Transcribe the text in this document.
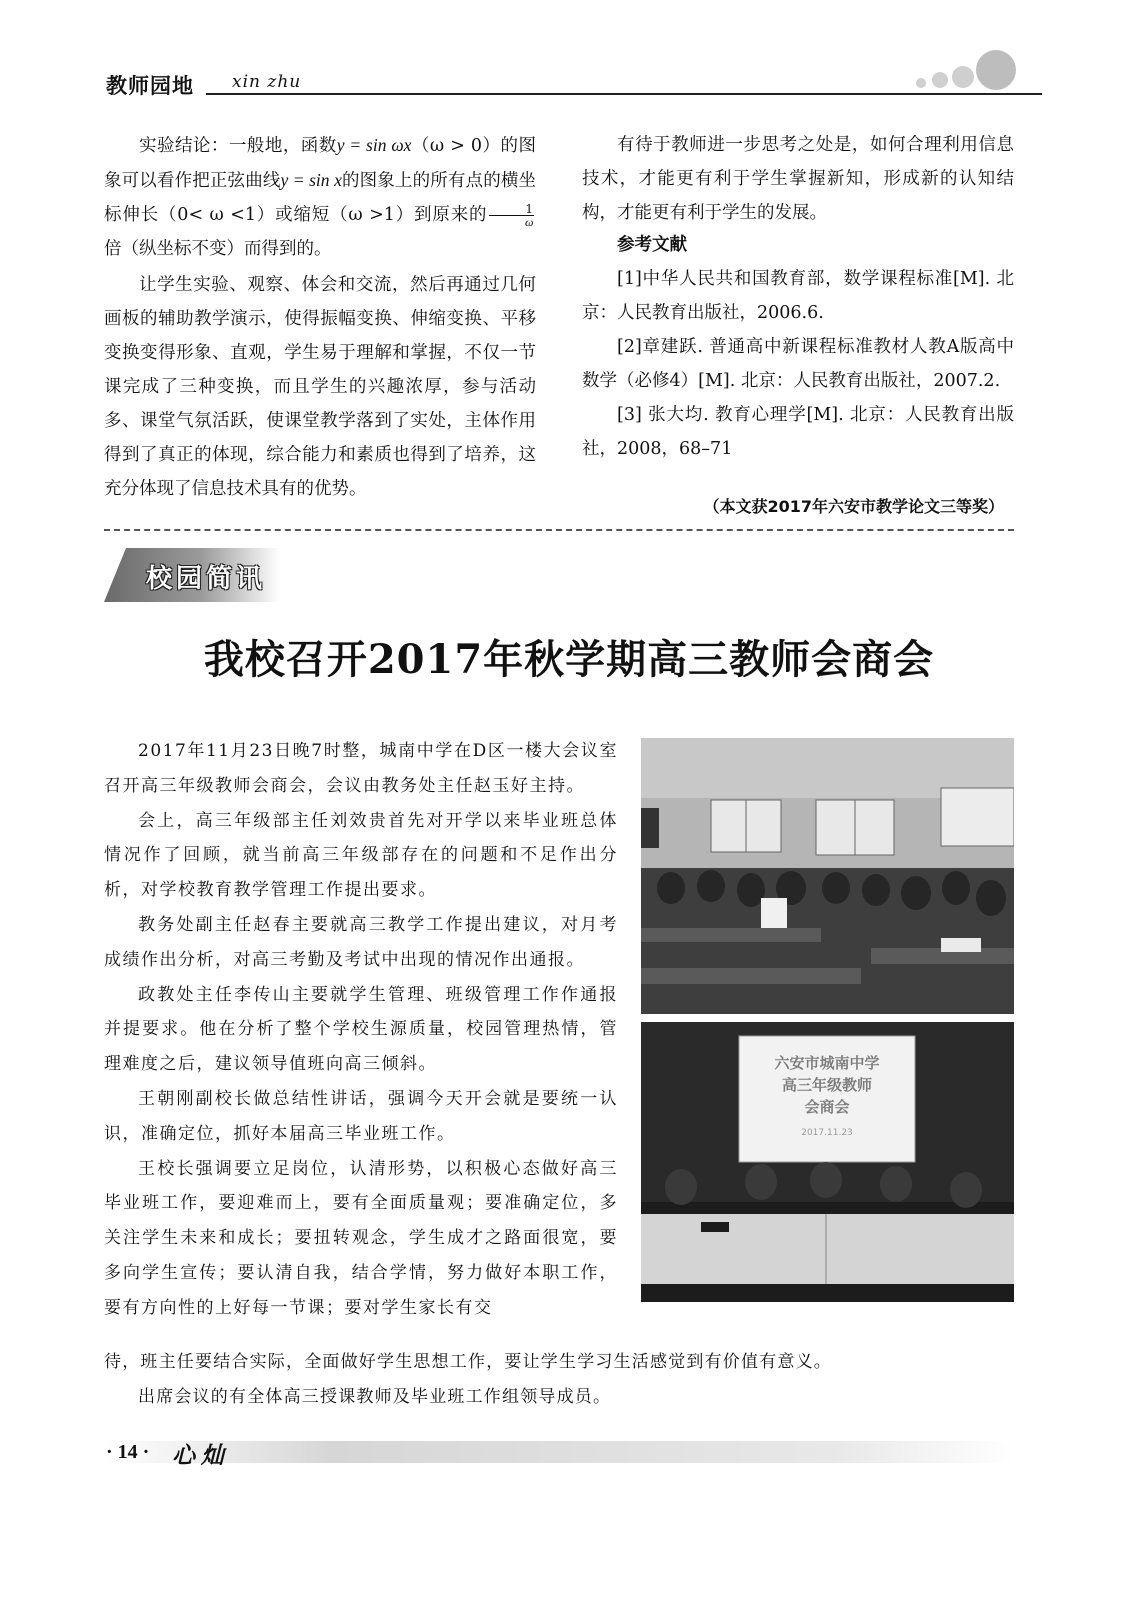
教师园地 xin zhu

实验结论：一般地，函数y = sin ωx（ω > 0）的图象可以看作把正弦曲线y = sin x的图象上的所有点的横坐标伸长（0< ω <1）或缩短（ω >1）到原来的 $\frac{1}{\omega}$
倍（纵坐标不变）而得到的。

让学生实验、观察、体会和交流，然后再通过几何画板的辅助教学演示，使得振幅变换、伸缩变换、平移变换变得形象、直观，学生易于理解和掌握，不仅一节课完成了三种变换，而且学生的兴趣浓厚，参与活动多、课堂气氛活跃，使课堂教学落到了实处，主体作用得到了真正的体现，综合能力和素质也得到了培养，这充分体现了信息技术具有的优势。

有待于教师进一步思考之处是，如何合理利用信息技术，才能更有利于学生掌握新知，形成新的认知结构，才能更有利于学生的发展。

参考文献

[1]中华人民共和国教育部，数学课程标准[M]. 北京：人民教育出版社，2006.6.

[2]章建跃. 普通高中新课程标准教材人教A版高中数学（必修4）[M]. 北京：人民教育出版社，2007.2.

[3] 张大均. 教育心理学[M]. 北京：人民教育出版社，2008，68–71

（本文获2017年六安市教学论文三等奖）
校园简讯
我校召开2017年秋学期高三教师会商会

2017年11月23日晚7时整，城南中学在D区一楼大会议室召开高三年级教师会商会，会议由教务处主任赵玉好主持。

会上，高三年级部主任刘效贵首先对开学以来毕业班总体情况作了回顾，就当前高三年级部存在的问题和不足作出分析，对学校教育教学管理工作提出要求。

教务处副主任赵春主要就高三教学工作提出建议，对月考成绩作出分析，对高三考勤及考试中出现的情况作出通报。

政教处主任李传山主要就学生管理、班级管理工作作通报并提要求。他在分析了整个学校生源质量，校园管理热情，管理难度之后，建议领导值班向高三倾斜。

王朝刚副校长做总结性讲话，强调今天开会就是要统一认识，准确定位，抓好本届高三毕业班工作。

王校长强调要立足岗位，认清形势，以积极心态做好高三毕业班工作，要迎难而上，要有全面质量观；要准确定位，多关注学生未来和成长；要扭转观念，学生成才之路面很宽，要多向学生宣传；要认清自我，结合学情，努力做好本职工作，要有方向性的上好每一节课；要对学生家长有交

待，班主任要结合实际，全面做好学生思想工作，要让学生学习生活感觉到有价值有意义。

出席会议的有全体高三授课教师及毕业班工作组领导成员。

六安市城南中学
高三年级教师
会商会
2017.11.23
· 14 · 心灿
